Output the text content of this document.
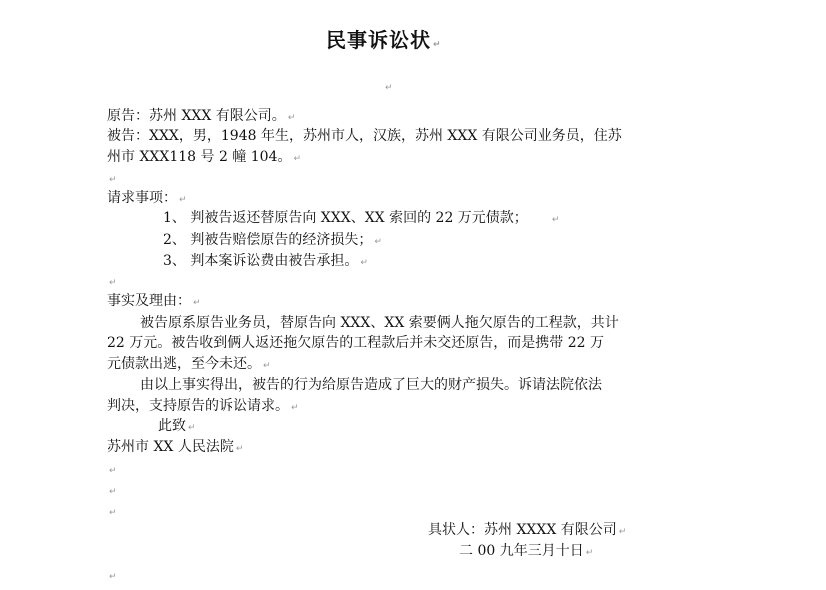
民事诉讼状 ↵
↵
原告：苏州 XXX 有限公司。 ↵
被告：XXX，男，1948 年生，苏州市人，汉族，苏州 XXX 有限公司业务员，住苏
州市 XXX118 号 2 幢 104。 ↵
↵
请求事项： ↵
1、 判被告返还替原告向 XXX、XX 索回的 22 万元债款；	↵
2、 判被告赔偿原告的经济损失； ↵
3、 判本案诉讼费由被告承担。 ↵
↵
事实及理由： ↵
被告原系原告业务员，替原告向 XXX、XX 索要俩人拖欠原告的工程款，共计
22 万元。被告收到俩人返还拖欠原告的工程款后并未交还原告，而是携带 22 万
元债款出逃，至今未还。 ↵
由以上事实得出，被告的行为给原告造成了巨大的财产损失。诉请法院依法
判决，支持原告的诉讼请求。 ↵
此致 ↵
苏州市 XX 人民法院 ↵
↵
↵
↵
具状人：苏州 XXXX 有限公司 ↵
二 00 九年三月十日 ↵
↵
